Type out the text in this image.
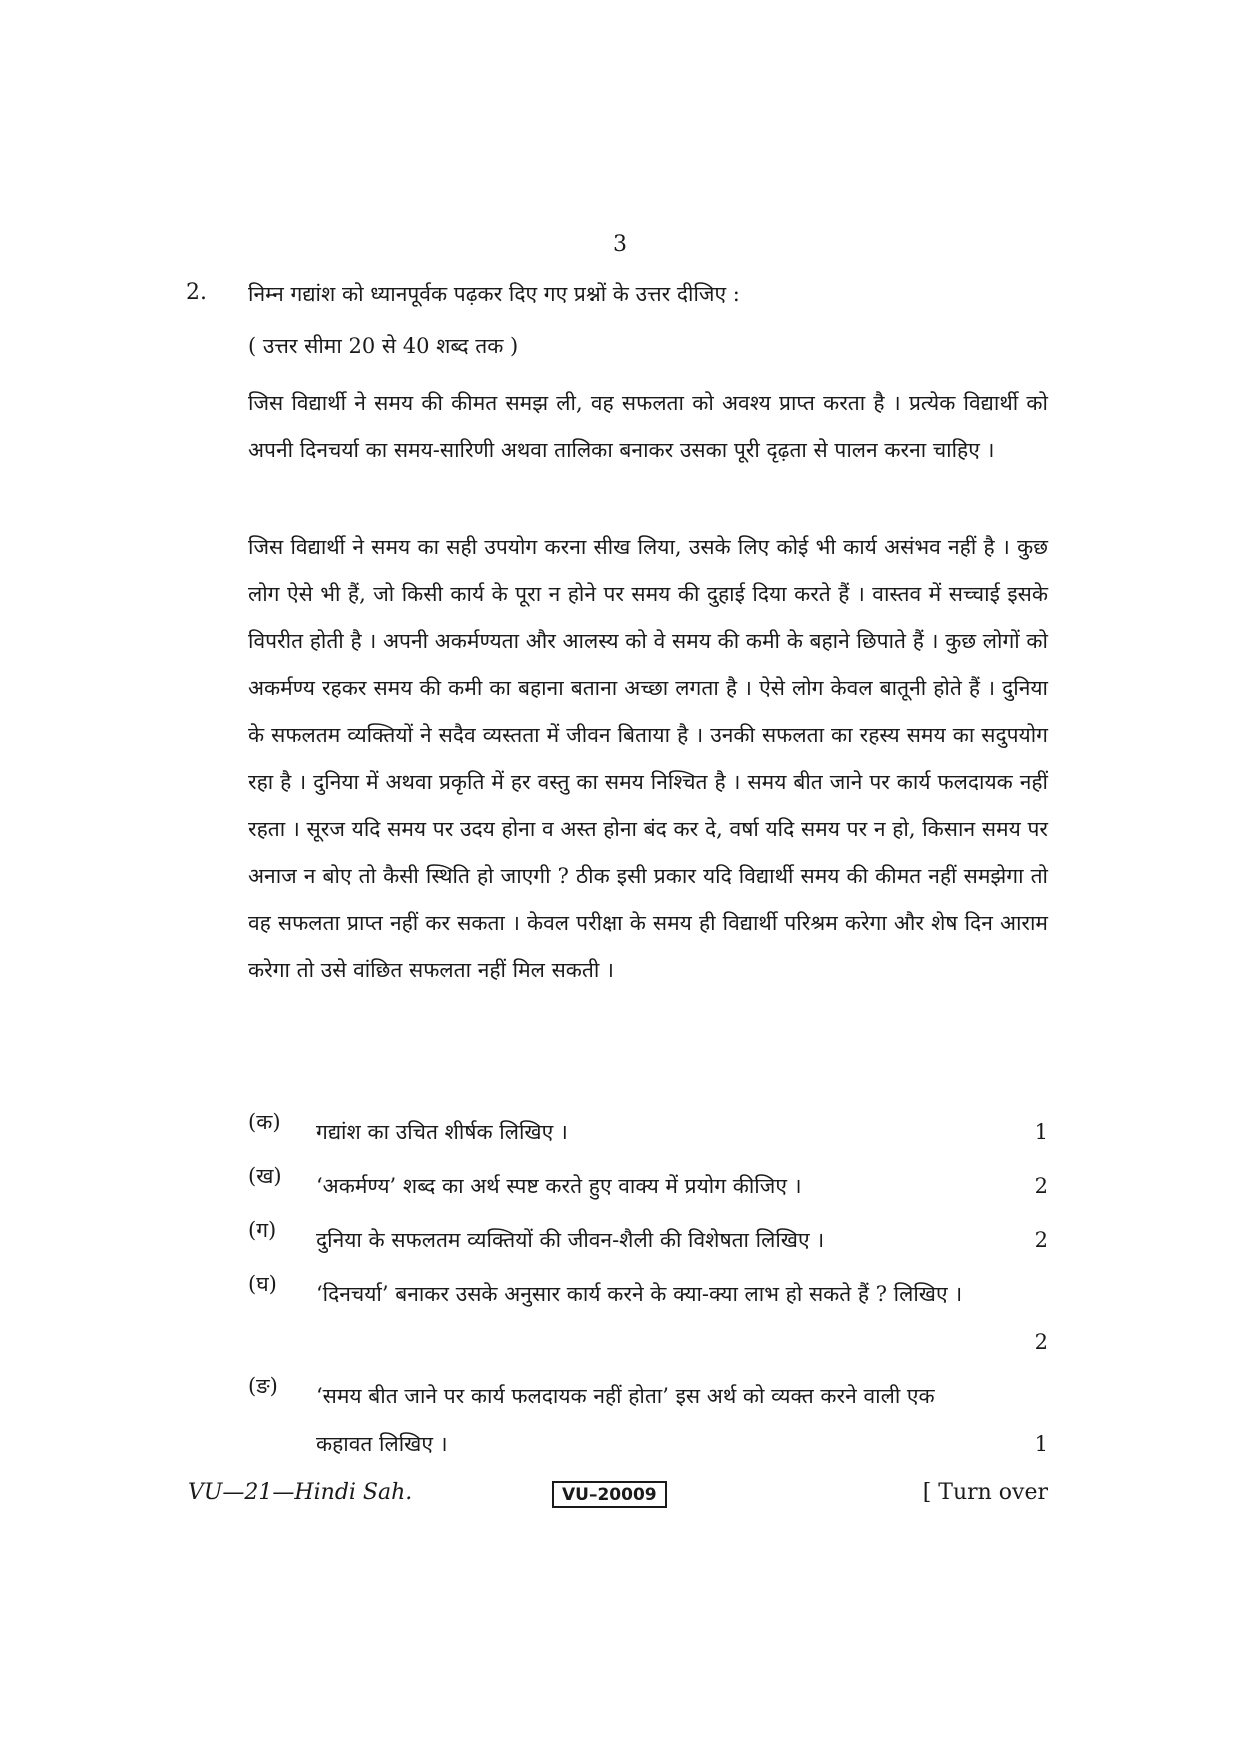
3
2. निम्न गद्यांश को ध्यानपूर्वक पढ़कर दिए गए प्रश्नों के उत्तर दीजिए :
( उत्तर सीमा 20 से 40 शब्द तक )

जिस विद्यार्थी ने समय की कीमत समझ ली, वह सफलता को अवश्य प्राप्त करता है । प्रत्येक विद्यार्थी को अपनी दिनचर्या का समय-सारिणी अथवा तालिका बनाकर उसका पूरी दृढ़ता से पालन करना चाहिए ।

जिस विद्यार्थी ने समय का सही उपयोग करना सीख लिया, उसके लिए कोई भी कार्य असंभव नहीं है । कुछ लोग ऐसे भी हैं, जो किसी कार्य के पूरा न होने पर समय की दुहाई दिया करते हैं । वास्तव में सच्चाई इसके विपरीत होती है । अपनी अकर्मण्यता और आलस्य को वे समय की कमी के बहाने छिपाते हैं । कुछ लोगों को अकर्मण्य रहकर समय की कमी का बहाना बताना अच्छा लगता है । ऐसे लोग केवल बातूनी होते हैं । दुनिया के सफलतम व्यक्तियों ने सदैव व्यस्तता में जीवन बिताया है । उनकी सफलता का रहस्य समय का सदुपयोग रहा है । दुनिया में अथवा प्रकृति में हर वस्तु का समय निश्चित है । समय बीत जाने पर कार्य फलदायक नहीं रहता । सूरज यदि समय पर उदय होना व अस्त होना बंद कर दे, वर्षा यदि समय पर न हो, किसान समय पर अनाज न बोए तो कैसी स्थिति हो जाएगी ? ठीक इसी प्रकार यदि विद्यार्थी समय की कीमत नहीं समझेगा तो वह सफलता प्राप्त नहीं कर सकता । केवल परीक्षा के समय ही विद्यार्थी परिश्रम करेगा और शेष दिन आराम करेगा तो उसे वांछित सफलता नहीं मिल सकती ।

(क)	गद्यांश का उचित शीर्षक लिखिए ।	1
(ख)	‘अकर्मण्य’ शब्द का अर्थ स्पष्ट करते हुए वाक्य में प्रयोग कीजिए ।	2
(ग)	दुनिया के सफलतम व्यक्तियों की जीवन-शैली की विशेषता लिखिए ।	2
(घ)	‘दिनचर्या’ बनाकर उसके अनुसार कार्य करने के क्या-क्या लाभ हो सकते हैं ? लिखिए ।
2
(ङ)	‘समय बीत जाने पर कार्य फलदायक नहीं होता’ इस अर्थ को व्यक्त करने वाली एक कहावत लिखिए ।	1
VU—21—Hindi Sah.	VU–20009	[ Turn over
